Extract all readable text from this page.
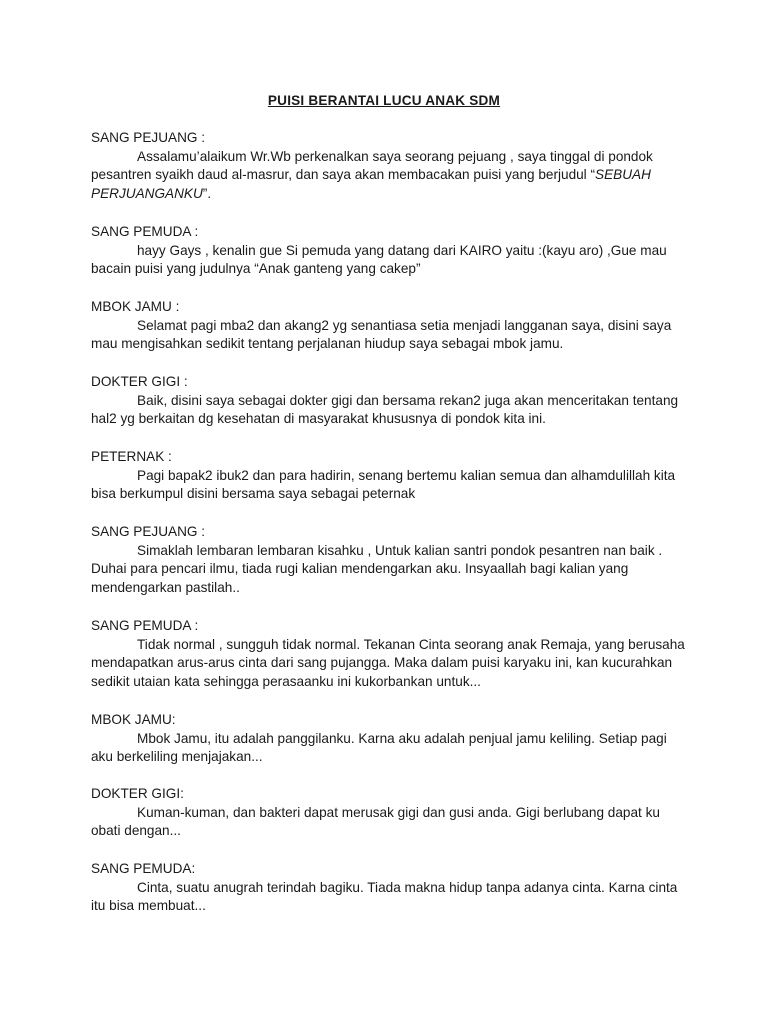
PUISI BERANTAI LUCU ANAK SDM
SANG PEJUANG :
Assalamu’alaikum Wr.Wb perkenalkan saya seorang pejuang , saya tinggal di pondok pesantren syaikh daud al-masrur, dan saya akan membacakan puisi yang berjudul “SEBUAH PERJUANGANKU”.
SANG PEMUDA :
hayy Gays , kenalin gue Si pemuda yang datang dari KAIRO yaitu :(kayu aro) ,Gue mau bacain puisi yang judulnya “Anak ganteng yang cakep”
MBOK JAMU :
Selamat pagi mba2 dan akang2 yg senantiasa setia menjadi langganan saya, disini saya mau mengisahkan sedikit tentang perjalanan hiudup saya sebagai mbok jamu.
DOKTER GIGI :
Baik, disini saya sebagai dokter gigi dan bersama rekan2 juga akan menceritakan tentang hal2 yg berkaitan dg kesehatan di masyarakat khususnya di pondok kita ini.
PETERNAK :
Pagi bapak2 ibuk2 dan para hadirin, senang bertemu kalian semua dan alhamdulillah kita bisa berkumpul disini bersama saya sebagai peternak
SANG PEJUANG :
Simaklah lembaran lembaran kisahku , Untuk kalian santri pondok pesantren nan baik . Duhai para pencari ilmu, tiada rugi kalian mendengarkan aku. Insyaallah bagi kalian yang mendengarkan pastilah..
SANG PEMUDA :
Tidak normal , sungguh tidak normal. Tekanan Cinta seorang anak Remaja, yang berusaha mendapatkan arus-arus cinta dari sang pujangga. Maka dalam puisi karyaku ini, kan kucurahkan sedikit utaian kata sehingga perasaanku ini kukorbankan untuk...
MBOK JAMU:
Mbok Jamu, itu adalah panggilanku. Karna aku adalah penjual jamu keliling. Setiap pagi aku berkeliling menjajakan...
DOKTER GIGI:
Kuman-kuman, dan bakteri dapat merusak gigi dan gusi anda. Gigi berlubang dapat ku obati dengan...
SANG PEMUDA:
Cinta, suatu anugrah terindah bagiku. Tiada makna hidup tanpa adanya cinta. Karna cinta itu bisa membuat...
